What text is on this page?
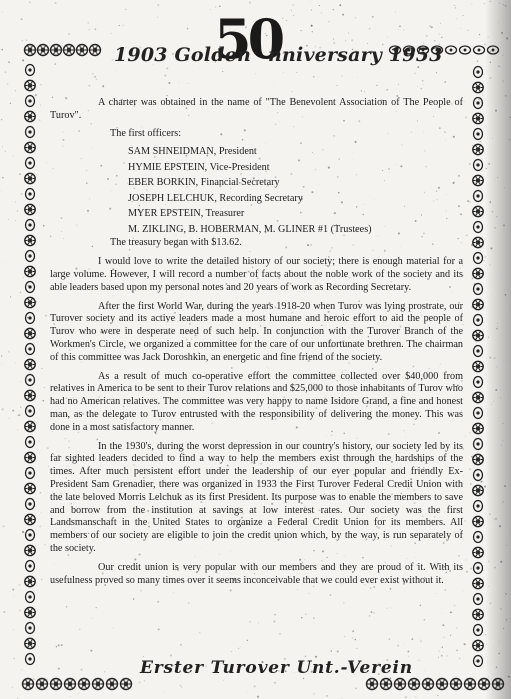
50
1903 Golden nniversary 1953

A charter was obtained in the name of "The Benevolent Association of The People of Turov".

The first officers:

SAM SHNEIDMAN, President
HYMIE EPSTEIN, Vice-President
EBER BORKIN, Financial Secretary
JOSEPH LELCHUK, Recording Secretary
MYER EPSTEIN, Treasurer
M. ZIKLING, B. HOBERMAN, M. GLINER #1 (Trustees)

The treasury began with $13.62.

I would love to write the detailed history of our society; there is enough material for a large volume. However, I will record a number of facts about the noble work of the society and its able leaders based upon my personal notes and 20 years of work as Recording Secretary.

After the first World War, during the years 1918-20 when Turov was lying prostrate, our Turover society and its active leaders made a most humane and heroic effort to aid the people of Turov who were in desperate need of such help. In conjunction with the Turover Branch of the Workmen's Circle, we organized a committee for the care of our unfortunate brethren. The chairman of this committee was Jack Doroshkin, an energetic and fine friend of the society.

As a result of much co-operative effort the committee collected over $40,000 from relatives in America to be sent to their Turov relations and $25,000 to those inhabitants of Turov who had no American relatives. The committee was very happy to name Isidore Grand, a fine and honest man, as the delegate to Turov entrusted with the responsibility of delivering the money. This was done in a most satisfactory manner.

In the 1930's, during the worst depression in our country's history, our society led by its far sighted leaders decided to find a way to help the members exist through the hardships of the times. After much persistent effort under the leadership of our ever popular and friendly Ex-President Sam Grenadier, there was organized in 1933 the First Turover Federal Credit Union with the late beloved Morris Lelchuk as its first President. Its purpose was to enable the members to save and borrow from the institution at savings at low interest rates. Our society was the first Landsmanschaft in the United States to organize a Federal Credit Union for its members. All members of our society are eligible to join the credit union which, by the way, is run separately of the society.

Our credit union is very popular with our members and they are proud of it. With its usefulness proved so many times over it seems inconceivable that we could ever exist without it.

Erster Turover Unt.-Verein
